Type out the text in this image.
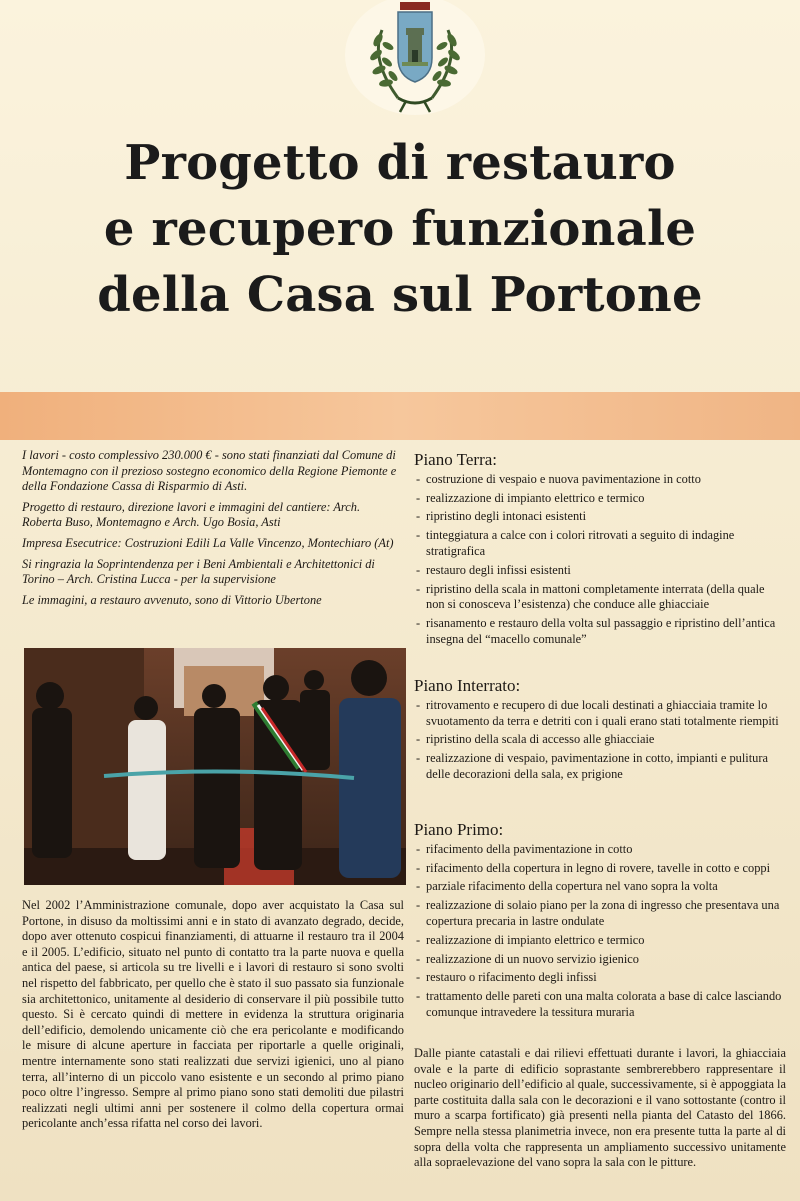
Progetto di restauro
e recupero funzionale
della Casa sul Portone

I lavori - costo complessivo 230.000 € - sono stati finanziati dal Comune di Montemagno con il prezioso sostegno economico della Regione Piemonte e della Fondazione Cassa di Risparmio di Asti.

Progetto di restauro, direzione lavori e immagini del cantiere: Arch. Roberta Buso, Montemagno e Arch. Ugo Bosia, Asti

Impresa Esecutrice: Costruzioni Edili La Valle Vincenzo, Montechiaro (At)

Si ringrazia la Soprintendenza per i Beni Ambientali e Architettonici di Torino – Arch. Cristina Lucca - per la supervisione

Le immagini, a restauro avvenuto, sono di Vittorio Ubertone

Nel 2002 l’Amministrazione comunale, dopo aver acquistato la Casa sul Portone, in disuso da moltissimi anni e in stato di avanzato degrado, decide, dopo aver ottenuto cospicui finanziamenti, di attuarne il restauro tra il 2004 e il 2005. L’edificio, situato nel punto di contatto tra la parte nuova e quella antica del paese, si articola su tre livelli e i lavori di restauro si sono svolti nel rispetto del fabbricato, per quello che è stato il suo passato sia funzionale sia architettonico, unitamente al desiderio di conservare il più possibile tutto questo. Si è cercato quindi di mettere in evidenza la struttura originaria dell’edificio, demolendo unicamente ciò che era pericolante e modificando le misure di alcune aperture in facciata per riportarle a quelle originali, mentre internamente sono stati realizzati due servizi igienici, uno al piano terra, all’interno di un piccolo vano esistente e un secondo al primo piano poco oltre l’ingresso. Sempre al primo piano sono stati demoliti due pilastri realizzati negli ultimi anni per sostenere il colmo della copertura ormai pericolante anch’essa rifatta nel corso dei lavori.

Piano Terra:
- costruzione di vespaio e nuova pavimentazione in cotto
- realizzazione di impianto elettrico e termico
- ripristino degli intonaci esistenti
- tinteggiatura a calce con i colori ritrovati a seguito di indagine stratigrafica
- restauro degli infissi esistenti
- ripristino della scala in mattoni completamente interrata (della quale non si conosceva l’esistenza) che conduce alle ghiacciaie
- risanamento e restauro della volta sul passaggio e ripristino dell’antica insegna del “macello comunale”
Piano Interrato:
- ritrovamento e recupero di due locali destinati a ghiacciaia tramite lo svuotamento da terra e detriti con i quali erano stati totalmente riempiti
- ripristino della scala di accesso alle ghiacciaie
- realizzazione di vespaio, pavimentazione in cotto, impianti e pulitura delle decorazioni della sala, ex prigione
Piano Primo:
- rifacimento della pavimentazione in cotto
- rifacimento della copertura in legno di rovere, tavelle in cotto e coppi
- parziale rifacimento della copertura nel vano sopra la volta
- realizzazione di solaio piano per la zona di ingresso che presentava una copertura precaria in lastre ondulate
- realizzazione di impianto elettrico e termico
- realizzazione di un nuovo servizio igienico
- restauro o rifacimento degli infissi
- trattamento delle pareti con una malta colorata a base di calce lasciando comunque intravedere la tessitura muraria

Dalle piante catastali e dai rilievi effettuati durante i lavori, la ghiacciaia ovale e la parte di edificio soprastante sembrerebbero rappresentare il nucleo originario dell’edificio al quale, successivamente, si è appoggiata la parte costituita dalla sala con le decorazioni e il vano sottostante (contro il muro a scarpa fortificato) già presenti nella pianta del Catasto del 1866. Sempre nella stessa planimetria invece, non era presente tutta la parte al di sopra della volta che rappresenta un ampliamento successivo unitamente alla sopraelevazione del vano sopra la sala con le pitture.
